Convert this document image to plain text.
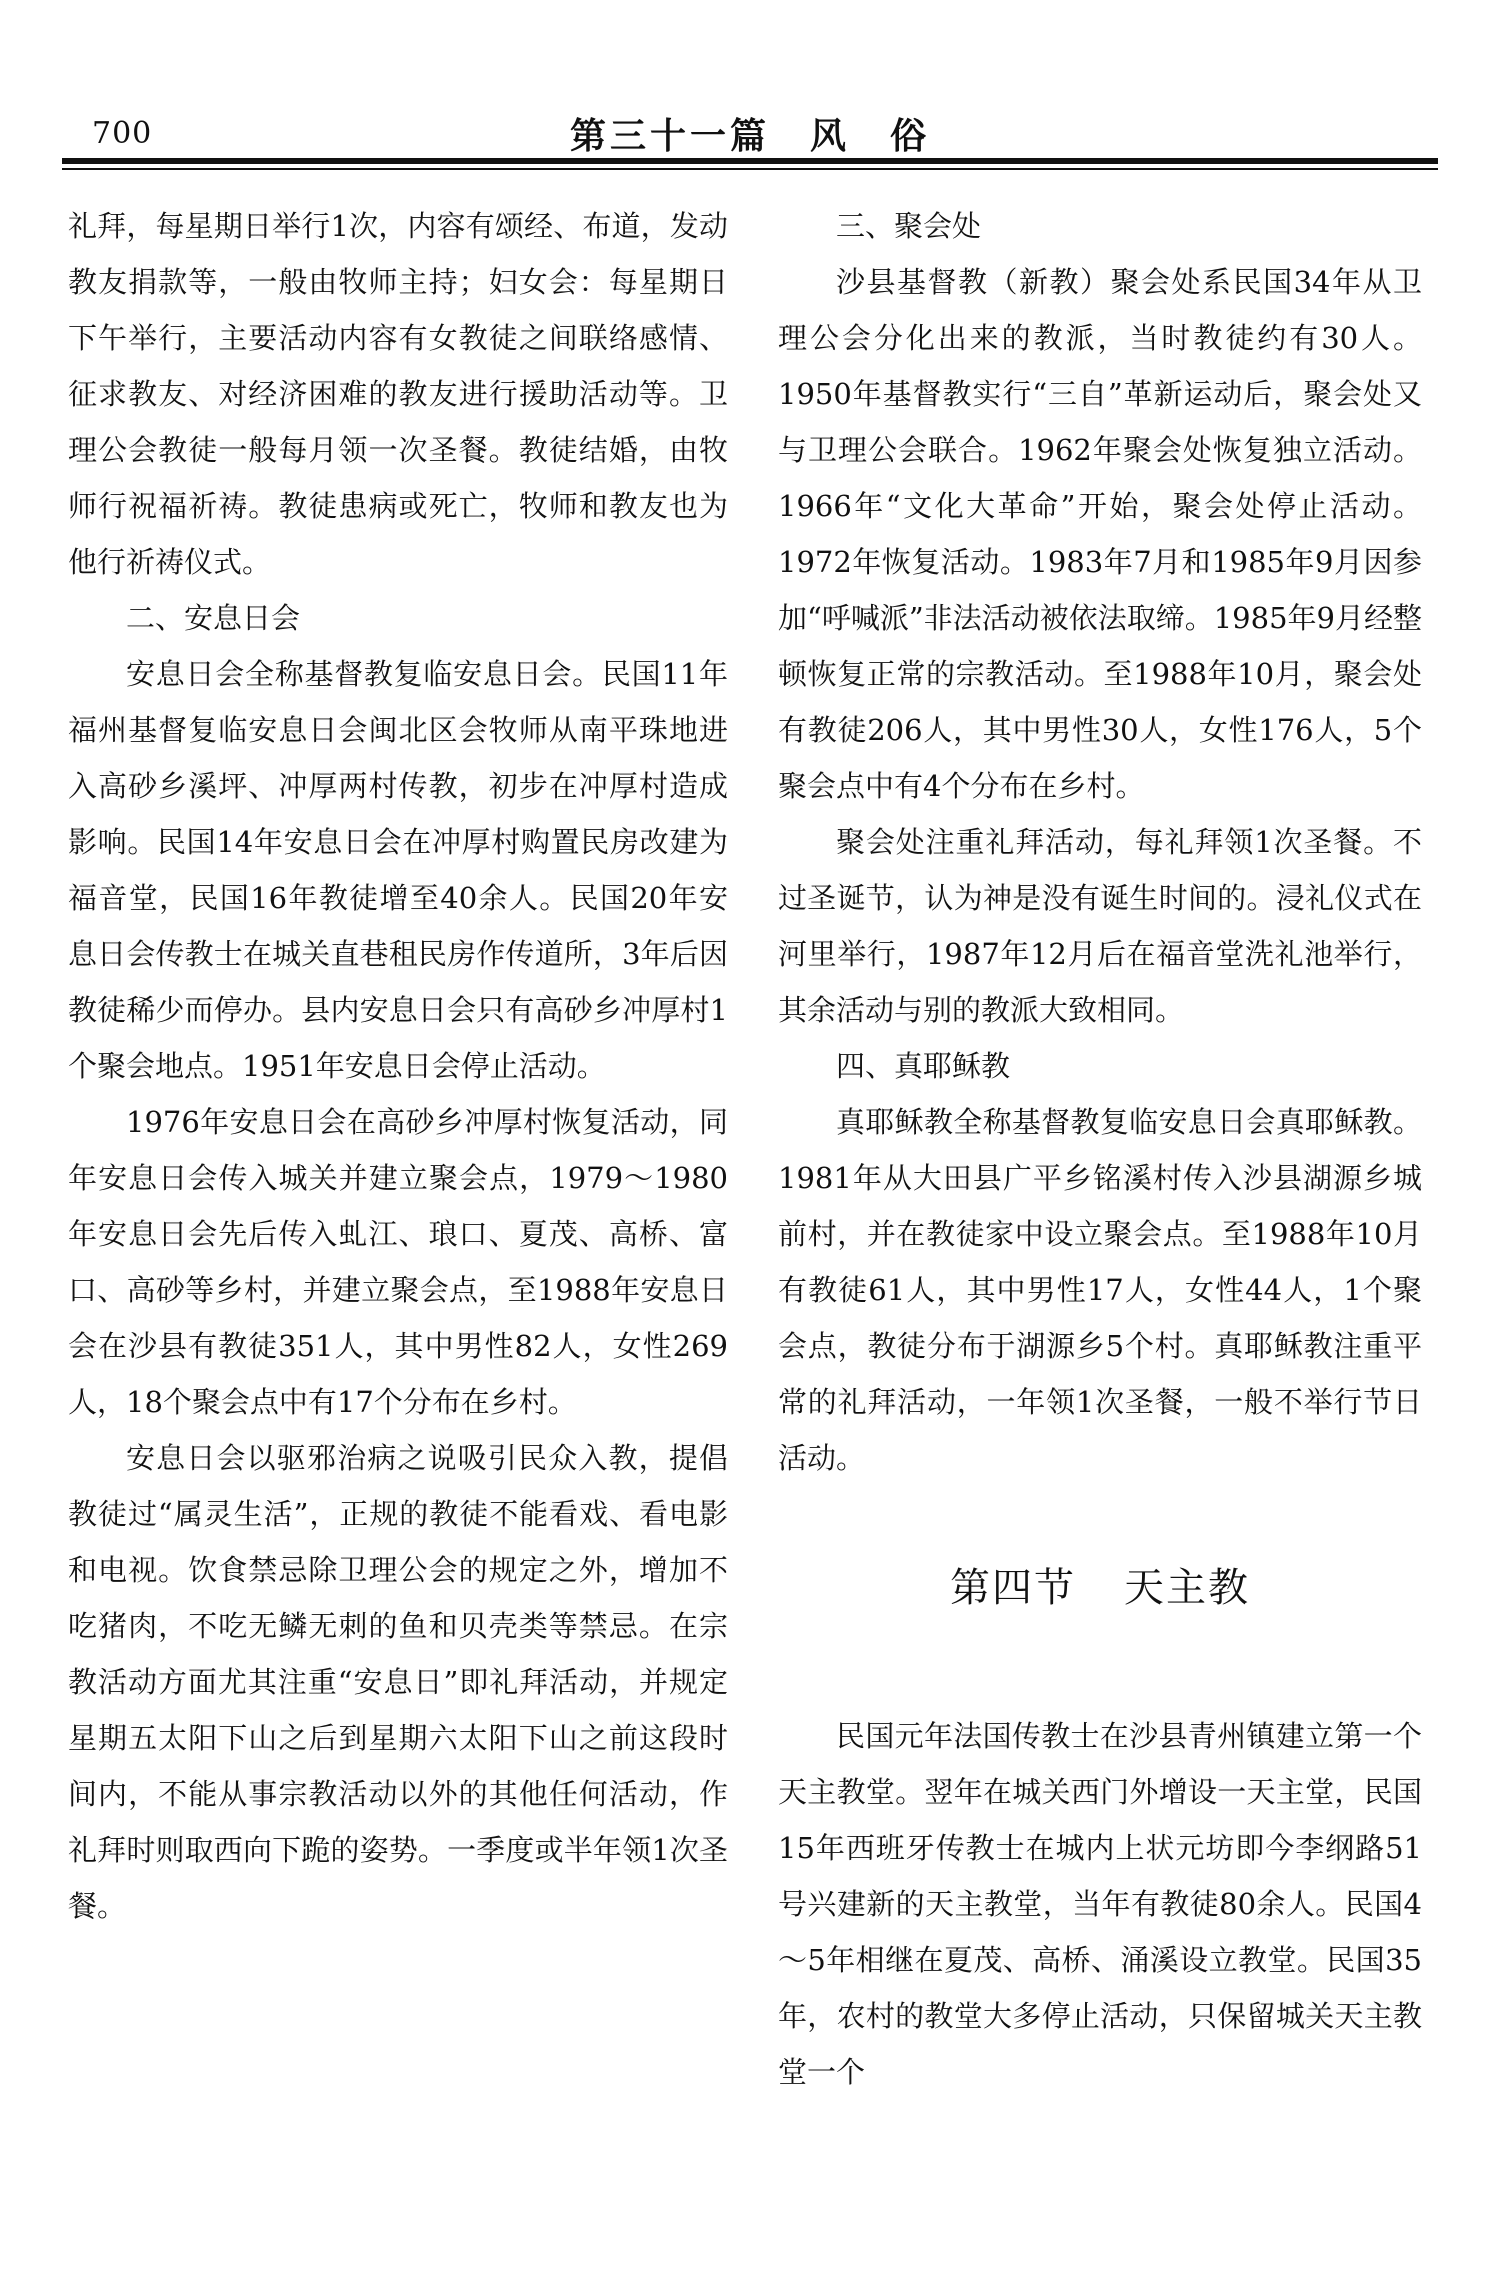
700	第三十一篇 风　俗

礼拜，每星期日举行1次，内容有颂经、布道，发动教友捐款等，一般由牧师主持；妇女会：每星期日下午举行，主要活动内容有女教徒之间联络感情、征求教友、对经济困难的教友进行援助活动等。卫理公会教徒一般每月领一次圣餐。教徒结婚，由牧师行祝福祈祷。教徒患病或死亡，牧师和教友也为他行祈祷仪式。

二、安息日会

安息日会全称基督教复临安息日会。民国11年福州基督复临安息日会闽北区会牧师从南平珠地进入高砂乡溪坪、冲厚两村传教，初步在冲厚村造成影响。民国14年安息日会在冲厚村购置民房改建为福音堂，民国16年教徒增至40余人。民国20年安息日会传教士在城关直巷租民房作传道所，3年后因教徒稀少而停办。县内安息日会只有高砂乡冲厚村1个聚会地点。1951年安息日会停止活动。

1976年安息日会在高砂乡冲厚村恢复活动，同年安息日会传入城关并建立聚会点，1979～1980年安息日会先后传入虬江、琅口、夏茂、高桥、富口、高砂等乡村，并建立聚会点，至1988年安息日会在沙县有教徒351人，其中男性82人，女性269人，18个聚会点中有17个分布在乡村。

安息日会以驱邪治病之说吸引民众入教，提倡教徒过“属灵生活”，正规的教徒不能看戏、看电影和电视。饮食禁忌除卫理公会的规定之外，增加不吃猪肉，不吃无鳞无刺的鱼和贝壳类等禁忌。在宗教活动方面尤其注重“安息日”即礼拜活动，并规定星期五太阳下山之后到星期六太阳下山之前这段时间内，不能从事宗教活动以外的其他任何活动，作礼拜时则取西向下跪的姿势。一季度或半年领1次圣餐。

三、聚会处

沙县基督教（新教）聚会处系民国34年从卫理公会分化出来的教派，当时教徒约有30人。1950年基督教实行“三自”革新运动后，聚会处又与卫理公会联合。1962年聚会处恢复独立活动。1966年“文化大革命”开始，聚会处停止活动。1972年恢复活动。1983年7月和1985年9月因参加“呼喊派”非法活动被依法取缔。1985年9月经整顿恢复正常的宗教活动。至1988年10月，聚会处有教徒206人，其中男性30人，女性176人，5个聚会点中有4个分布在乡村。

聚会处注重礼拜活动，每礼拜领1次圣餐。不过圣诞节，认为神是没有诞生时间的。浸礼仪式在河里举行，1987年12月后在福音堂洗礼池举行，其余活动与别的教派大致相同。

四、真耶稣教

真耶稣教全称基督教复临安息日会真耶稣教。1981年从大田县广平乡铭溪村传入沙县湖源乡城前村，并在教徒家中设立聚会点。至1988年10月有教徒61人，其中男性17人，女性44人，1个聚会点，教徒分布于湖源乡5个村。真耶稣教注重平常的礼拜活动，一年领1次圣餐，一般不举行节日活动。

第四节 天主教

民国元年法国传教士在沙县青州镇建立第一个天主教堂。翌年在城关西门外增设一天主堂，民国15年西班牙传教士在城内上状元坊即今李纲路51号兴建新的天主教堂，当年有教徒80余人。民国4～5年相继在夏茂、高桥、涌溪设立教堂。民国35年，农村的教堂大多停止活动，只保留城关天主教堂一个
